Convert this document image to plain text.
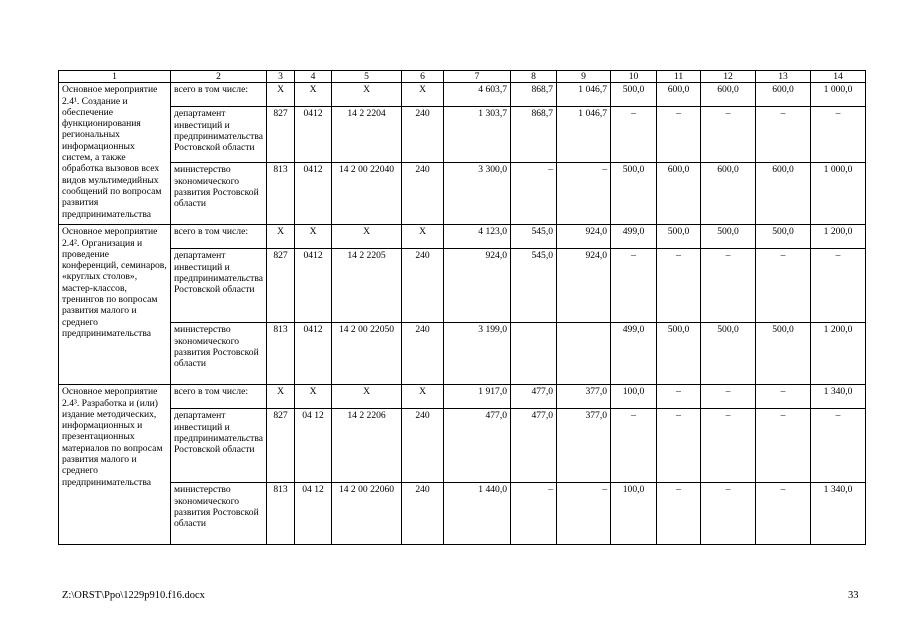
1	2	3	4	5	6	7	8	9	10	11	12	13	14
Основное мероприятие 2.4¹. Создание и обеспечение функционирования региональных информационных систем, а также обработка вызовов всех видов мультимедийных сообщений по вопросам развития предпринимательства	всего в том числе:	Х	Х	Х	Х	4 603,7	868,7	1 046,7	500,0	600,0	600,0	600,0	1 000,0
	департамент инвестиций и предпринимательства Ростовской области	827	0412	14 2 2204	240	1 303,7	868,7	1 046,7	–	–	–	–	–
	министерство экономического развития Ростовской области	813	0412	14 2 00 22040	240	3 300,0	–	–	500,0	600,0	600,0	600,0	1 000,0
Основное мероприятие 2.4². Организация и проведение конференций, семинаров, «круглых столов», мастер-классов, тренингов по вопросам развития малого и среднего предпринимательства	всего в том числе:	Х	Х	Х	Х	4 123,0	545,0	924,0	499,0	500,0	500,0	500,0	1 200,0
	департамент инвестиций и предпринимательства Ростовской области	827	0412	14 2 2205	240	924,0	545,0	924,0	–	–	–	–	–
	министерство экономического развития Ростовской области	813	0412	14 2 00 22050	240	3 199,0			499,0	500,0	500,0	500,0	1 200,0
Основное мероприятие 2.4³. Разработка и (или) издание методических, информационных и презентационных материалов по вопросам развития малого и среднего предпринимательства	всего в том числе:	Х	Х	Х	Х	1 917,0	477,0	377,0	100,0	–	–	–	1 340,0
	департамент инвестиций и предпринимательства Ростовской области	827	04 12	14 2 2206	240	477,0	477,0	377,0	–	–	–	–	–
	министерство экономического развития Ростовской области	813	04 12	14 2 00 22060	240	1 440,0	–	–	100,0	–	–	–	1 340,0
Z:\ORST\Ppo\1229p910.f16.docx	33
